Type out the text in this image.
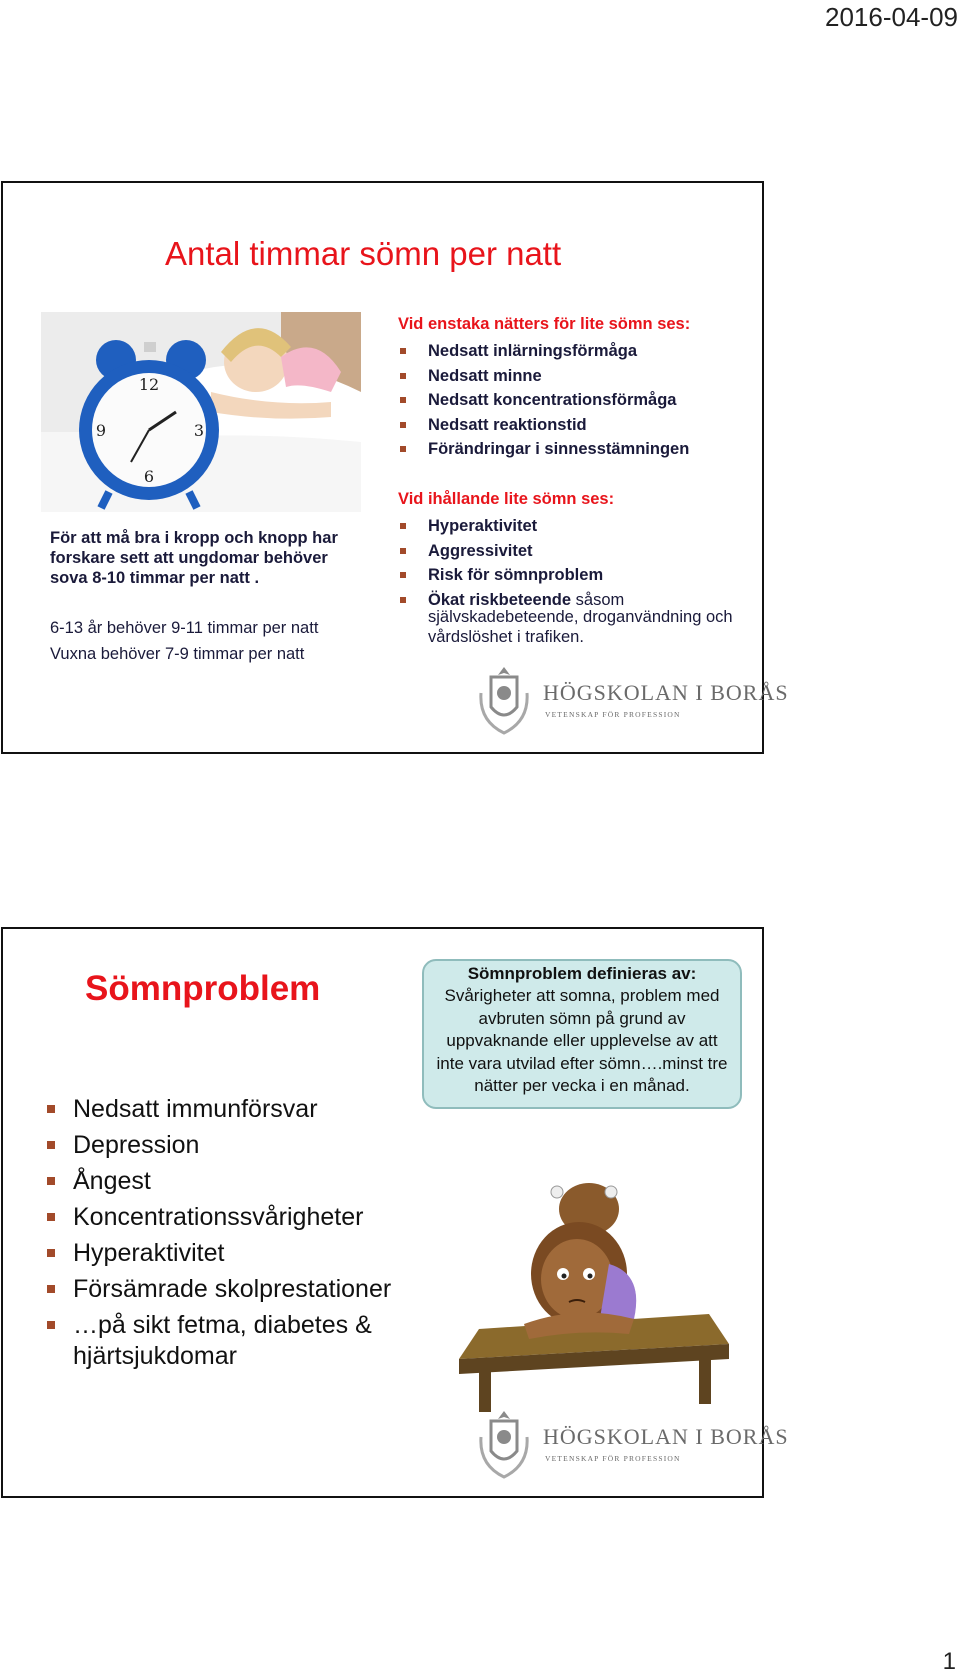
2016-04-09
Antal timmar sömn per natt
12
3
6
9
För att må bra i kropp och knopp har forskare sett att ungdomar behöver sova 8-10 timmar per natt .
6-13 år behöver 9-11 timmar per natt
Vuxna behöver 7-9 timmar per natt
Vid enstaka nätters för lite sömn ses:
Nedsatt inlärningsförmåga
Nedsatt minne
Nedsatt koncentrationsförmåga
Nedsatt reaktionstid
Förändringar i sinnesstämningen
Vid ihållande lite sömn ses:
Hyperaktivitet
Aggressivitet
Risk för sömnproblem
Ökat riskbeteende såsom
självskadebeteende, droganvändning och vårdslöshet i trafiken.
HÖGSKOLAN I BORÅS
VETENSKAP FÖR PROFESSION
Sömnproblem
Nedsatt immunförsvar
Depression
Ångest
Koncentrationssvårigheter
Hyperaktivitet
Försämrade skolprestationer
…på sikt fetma, diabetes & hjärtsjukdomar
Sömnproblem definieras av:
Svårigheter att somna, problem med avbruten sömn på grund av uppvaknande eller upplevelse av att inte vara utvilad efter sömn….minst tre nätter per vecka i en månad.
HÖGSKOLAN I BORÅS
VETENSKAP FÖR PROFESSION
1
